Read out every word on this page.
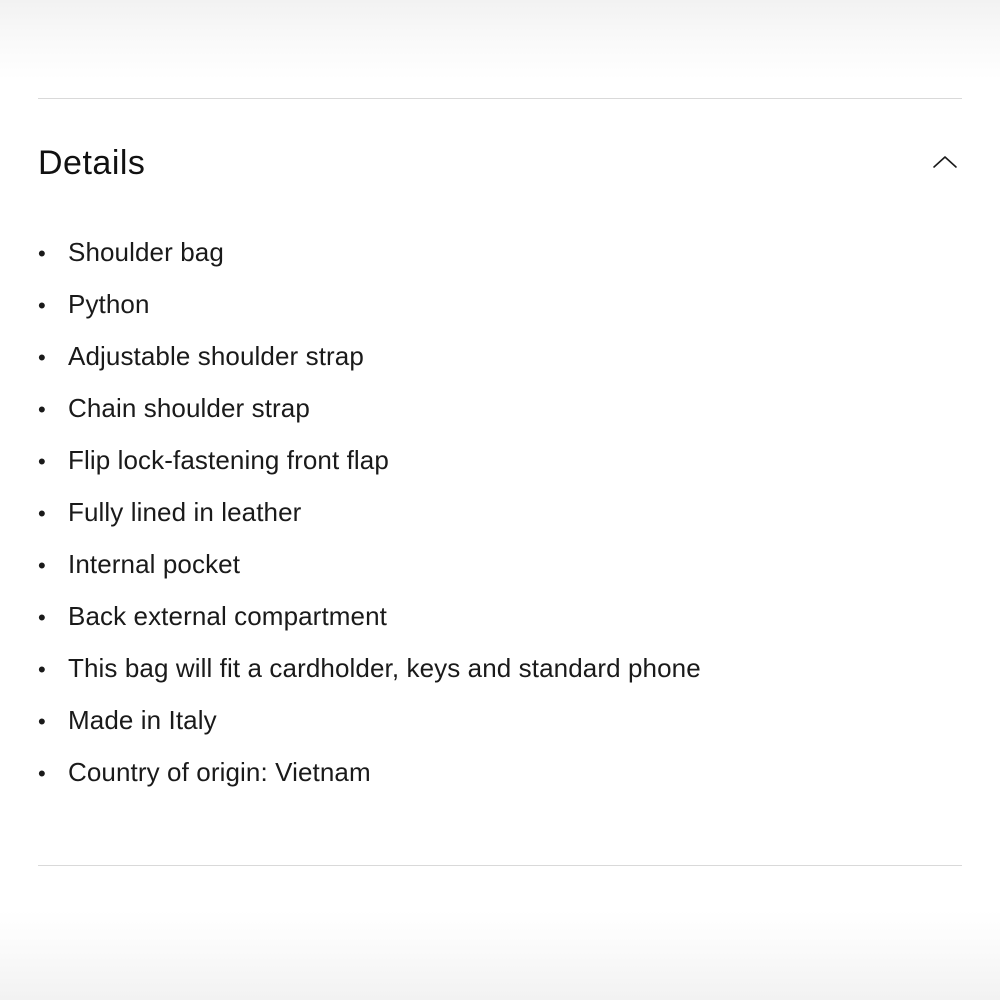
Details
• Shoulder bag
• Python
• Adjustable shoulder strap
• Chain shoulder strap
• Flip lock-fastening front flap
• Fully lined in leather
• Internal pocket
• Back external compartment
• This bag will fit a cardholder, keys and standard phone
• Made in Italy
• Country of origin: Vietnam
